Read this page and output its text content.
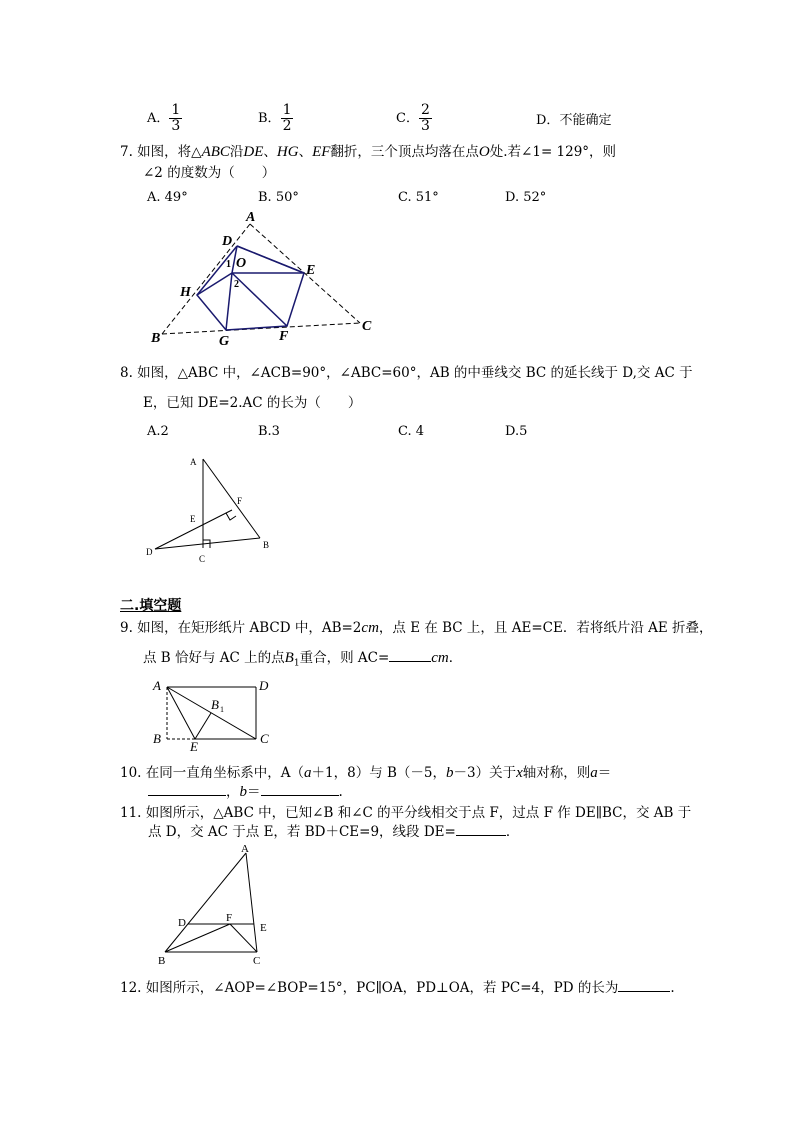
A． $\frac{1}{3}$	B． $\frac{1}{2}$	C． $\frac{2}{3}$	D．不能确定
7. 如图，将△ABC沿DE、HG、EF翻折，三个顶点均落在点O处.若∠1= 129°，则
∠2 的度数为（　　）
A. 49°	B. 50°	C. 51°	D. 52°
A
D
O
1
2
E
H
B	G	F
C
8. 如图，△ABC 中，∠ACB=90°，∠ABC=60°，AB 的中垂线交 BC 的延长线于 D,交 AC 于
E，已知 DE=2.AC 的长为（　　）
A.2	B.3	C. 4	D.5
A
F
E
D
C
B
二.填空题
9. 如图，在矩形纸片 ABCD 中，AB=2cm，点 E 在 BC 上，且 AE=CE．若将纸片沿 AE 折叠，
点 B 恰好与 AC 上的点$B_1$重合，则 AC=	cm．
A	D
B 1
B
E
C
10. 在同一直角坐标系中，A（a＋1，8）与 B（－5，b－3）关于x轴对称，则a＝
，b＝	.
11. 如图所示，△ABC 中，已知∠B 和∠C 的平分线相交于点 F，过点 F 作 DE∥BC，交 AB 于
点 D，交 AC 于点 E，若 BD＋CE=9，线段 DE=	．
A
D	F
E
B	C
12. 如图所示，∠AOP=∠BOP=15°，PC∥OA，PD⊥OA，若 PC=4，PD 的长为	.
